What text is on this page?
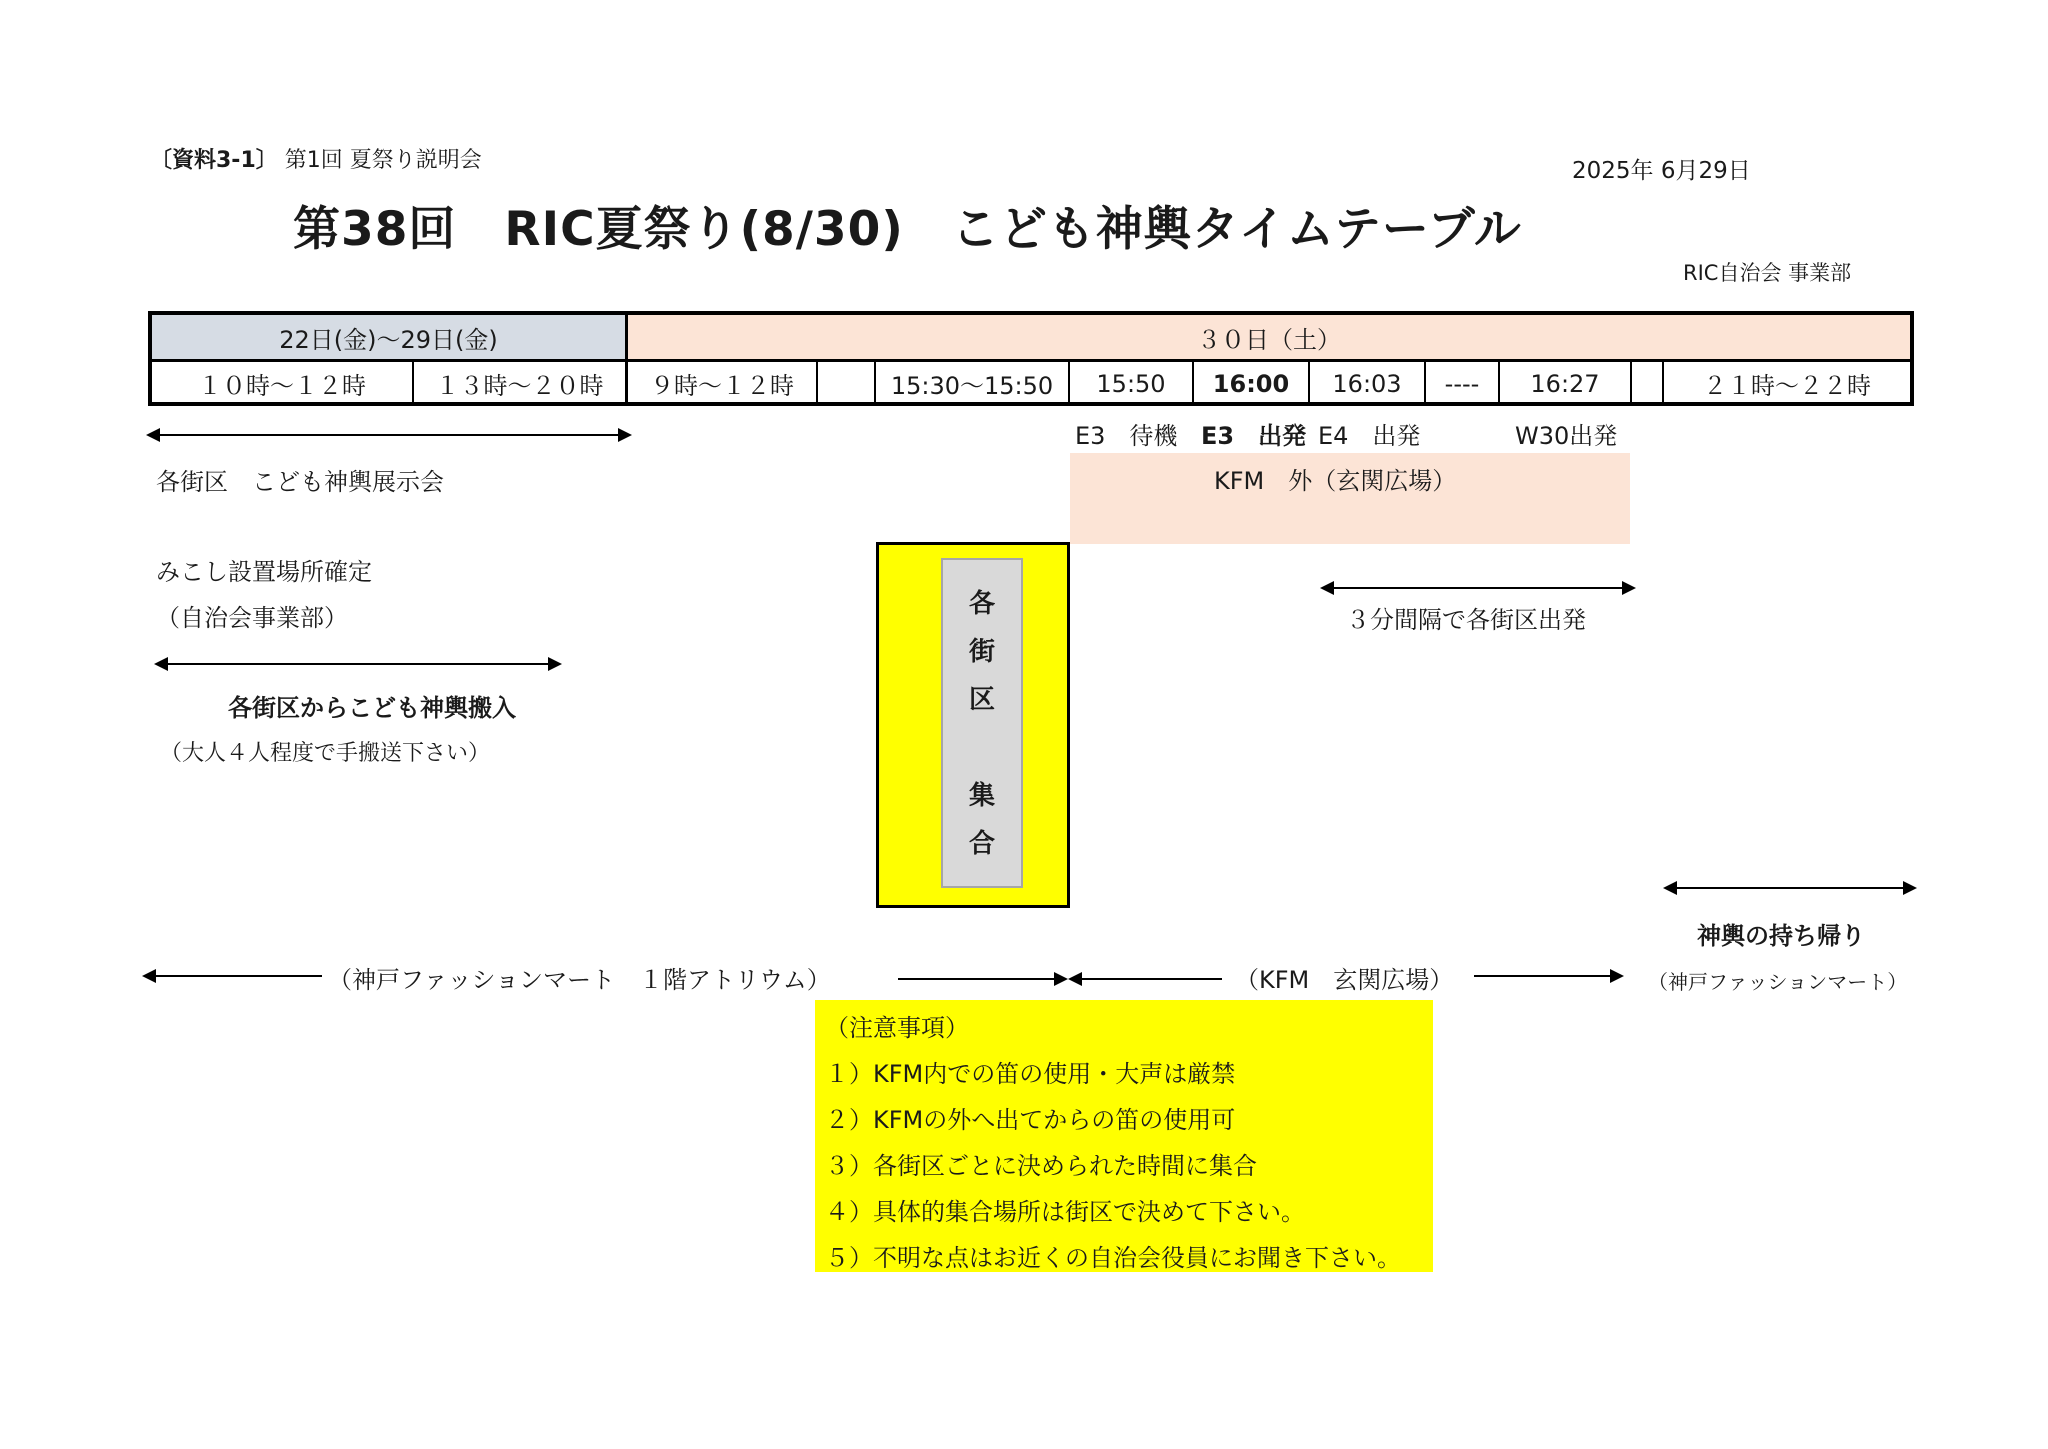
〔資料3-1〕 第1回 夏祭り説明会	2025年 6月29日
第38回　RIC夏祭り(8/30)　こども神輿タイムテーブル
RIC自治会 事業部
22日(金)～29日(金)	３０日（土）
１０時～１２時	１３時～２０時	９時～１２時	15:30～15:50	15:50	16:00	16:03	----	16:27	２１時～２２時
E3　待機 E3　出発 E4　出発	W30出発
各街区　こども神輿展示会	KFM　外（玄関広場）
みこし設置場所確定
（自治会事業部）	３分間隔で各街区出発
各街区からこども神輿搬入
（大人４人程度で手搬送下さい）
各
街
区
集
合
神輿の持ち帰り
（神戸ファッションマート）
（神戸ファッションマート　１階アトリウム）	（KFM　玄関広場）
（注意事項）
１）KFM内での笛の使用・大声は厳禁
２）KFMの外へ出てからの笛の使用可
３）各街区ごとに決められた時間に集合
４）具体的集合場所は街区で決めて下さい。
５）不明な点はお近くの自治会役員にお聞き下さい。
